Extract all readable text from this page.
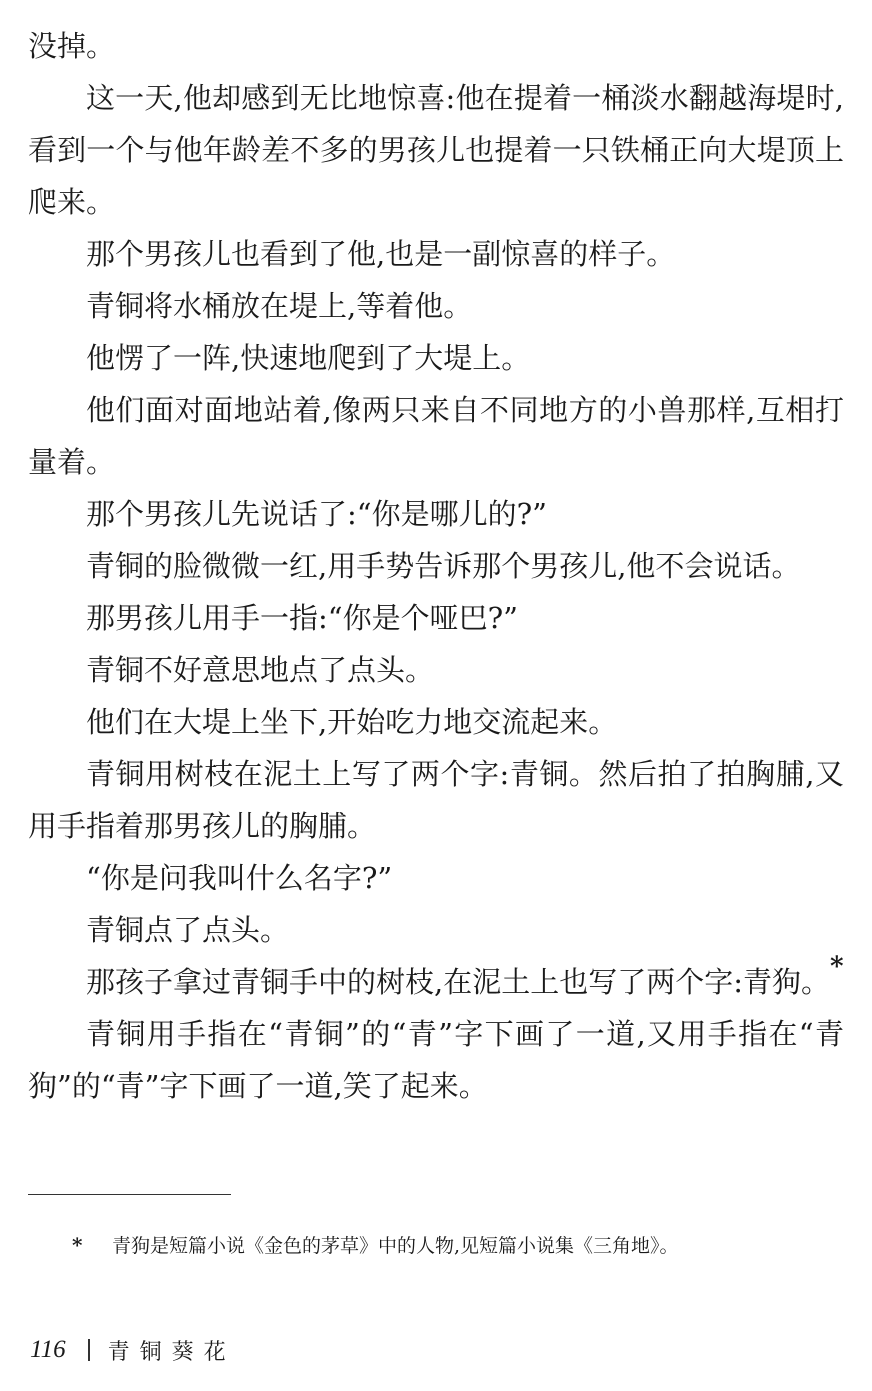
没掉。

这一天,他却感到无比地惊喜:他在提着一桶淡水翻越海堤时,看到一个与他年龄差不多的男孩儿也提着一只铁桶正向大堤顶上爬来。

那个男孩儿也看到了他,也是一副惊喜的样子。

青铜将水桶放在堤上,等着他。

他愣了一阵,快速地爬到了大堤上。

他们面对面地站着,像两只来自不同地方的小兽那样,互相打量着。

那个男孩儿先说话了:“你是哪儿的?”

青铜的脸微微一红,用手势告诉那个男孩儿,他不会说话。

那男孩儿用手一指:“你是个哑巴?”

青铜不好意思地点了点头。

他们在大堤上坐下,开始吃力地交流起来。

青铜用树枝在泥土上写了两个字:青铜。然后拍了拍胸脯,又用手指着那男孩儿的胸脯。

“你是问我叫什么名字?”

青铜点了点头。

那孩子拿过青铜手中的树枝,在泥土上也写了两个字:青狗。*

青铜用手指在“青铜”的“青”字下画了一道,又用手指在“青狗”的“青”字下画了一道,笑了起来。

* 青狗是短篇小说《金色的茅草》中的人物,见短篇小说集《三角地》。
116 青铜葵花
